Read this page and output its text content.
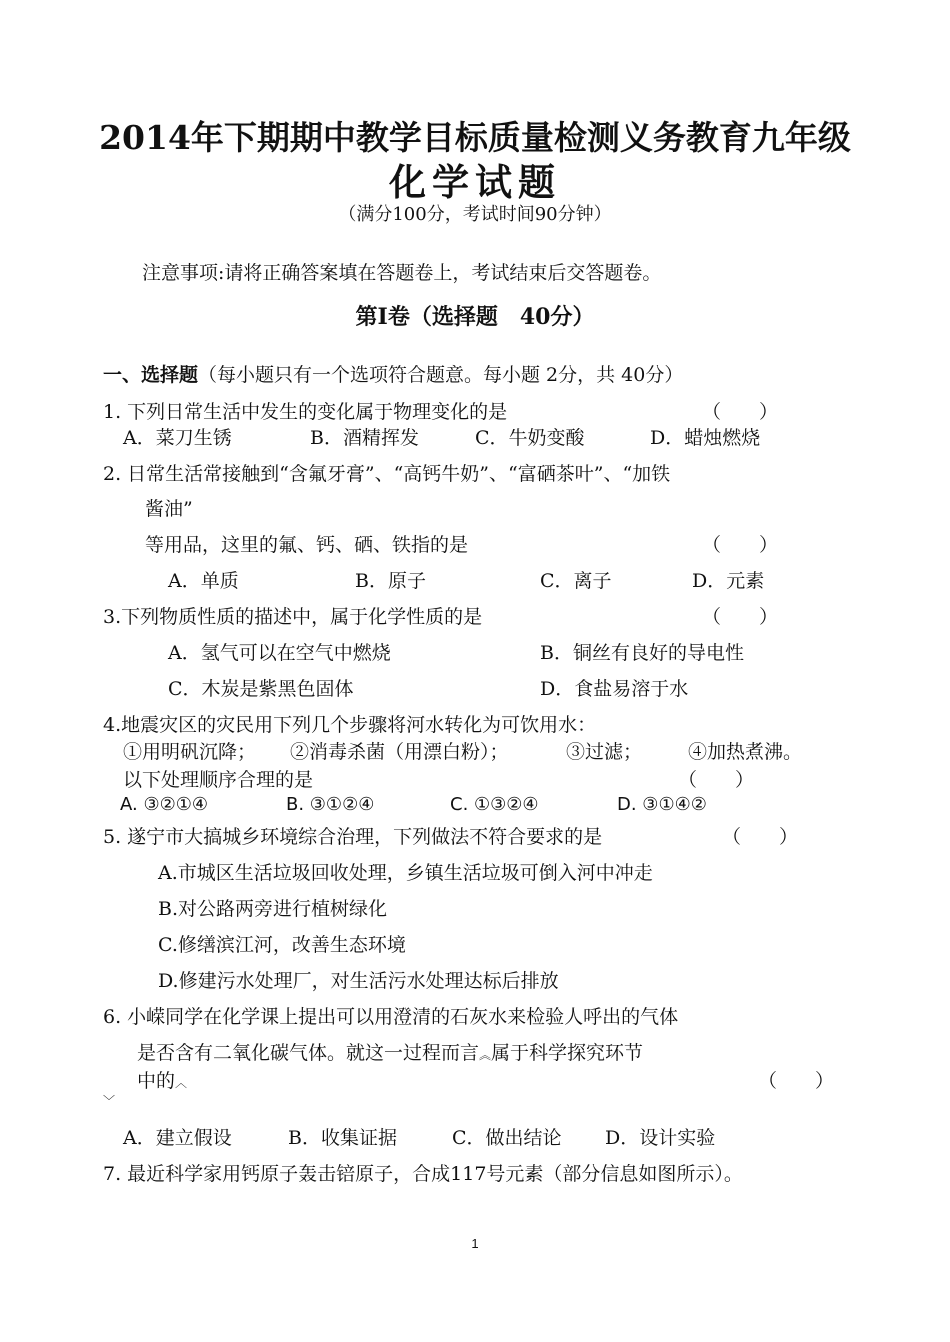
2014年下期期中教学目标质量检测义务教育九年级
化学试题
（满分100分，考试时间90分钟）
注意事项:请将正确答案填在答题卷上，考试结束后交答题卷。
第Ⅰ卷（选择题　40分）
一、选择题（每小题只有一个选项符合题意。每小题 2分，共 40分）
1. 下列日常生活中发生的变化属于物理变化的是	（　　）
A．菜刀生锈	B．酒精挥发	C．牛奶变酸	D．蜡烛燃烧
2. 日常生活常接触到“含氟牙膏”、“高钙牛奶”、“富硒茶叶”、“加铁
酱油”
等用品，这里的氟、钙、硒、铁指的是	（　　）
A．单质	B．原子	C．离子	D．元素
3.下列物质性质的描述中，属于化学性质的是	（　　）
A．氢气可以在空气中燃烧	B．铜丝有良好的导电性
C．木炭是紫黑色固体	D．食盐易溶于水
4.地震灾区的灾民用下列几个步骤将河水转化为可饮用水：
①用明矾沉降； ②消毒杀菌（用漂白粉）；	③过滤； ④加热煮沸。
以下处理顺序合理的是	（　　）
A. ③②①④	B. ③①②④	C. ①③②④	D. ③①④②
5. 遂宁市大搞城乡环境综合治理，下列做法不符合要求的是	（　　）
A.市城区生活垃圾回收处理，乡镇生活垃圾可倒入河中冲走
B.对公路两旁进行植树绿化
C.修缮滨江河，改善生态环境
D.修建污水处理厂，对生活污水处理达标后排放
6. 小嵘同学在化学课上提出可以用澄清的石灰水来检验人呼出的气体
是否含有二氧化碳气体。就这一过程而言︽属于科学探究环节
中的︿	（　　）
﹀
A．建立假设	B．收集证据	C．做出结论 D．设计实验
7. 最近科学家用钙原子轰击锫原子，合成117号元素（部分信息如图所示）。
1
